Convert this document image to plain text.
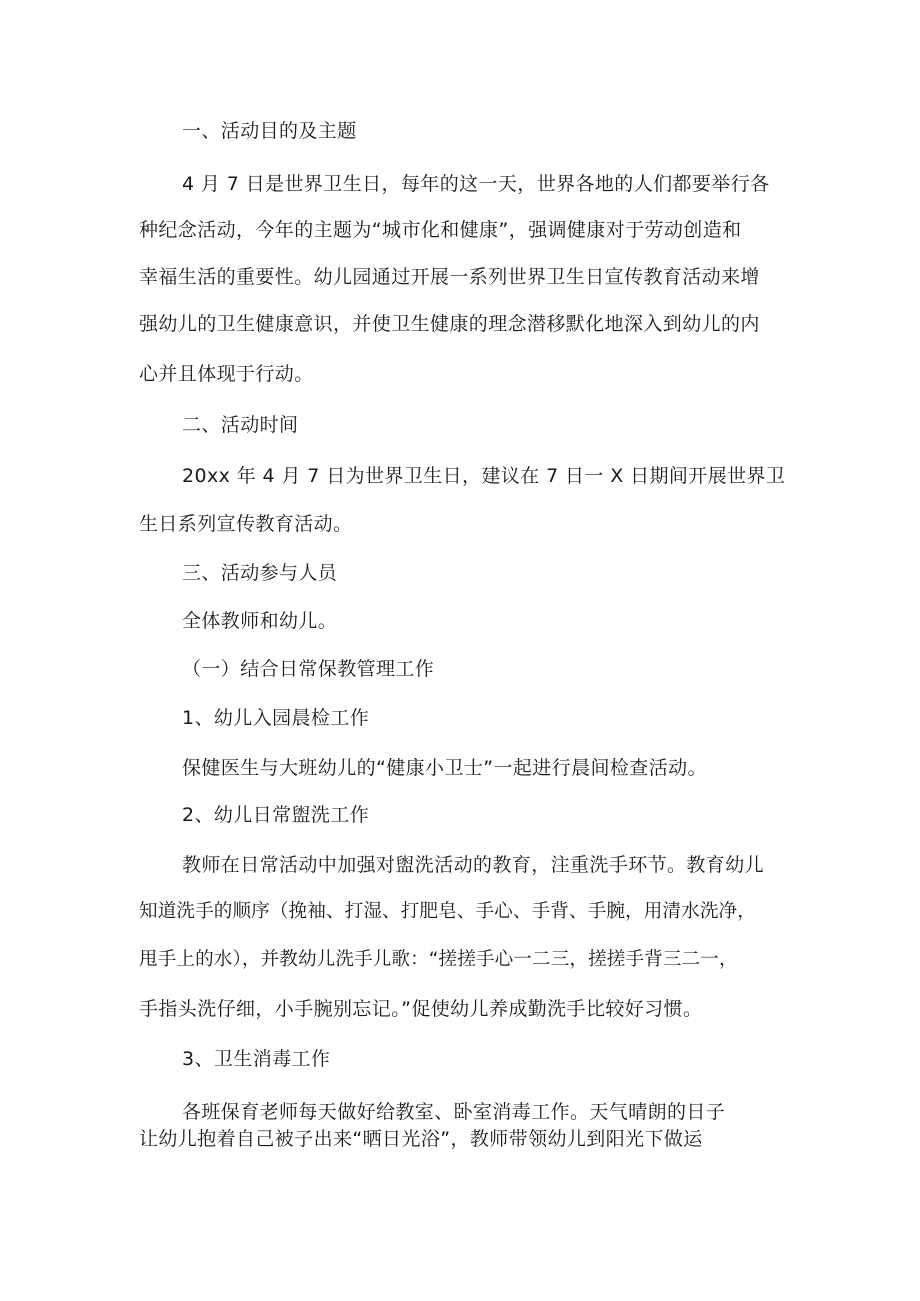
一、活动目的及主题
4 月 7 日是世界卫生日，每年的这一天，世界各地的人们都要举行各
种纪念活动，今年的主题为“城市化和健康”，强调健康对于劳动创造和
幸福生活的重要性。幼儿园通过开展一系列世界卫生日宣传教育活动来增
强幼儿的卫生健康意识，并使卫生健康的理念潜移默化地深入到幼儿的内
心并且体现于行动。
二、活动时间
20xx 年 4 月 7 日为世界卫生日，建议在 7 日一 X 日期间开展世界卫
生日系列宣传教育活动。
三、活动参与人员
全体教师和幼儿。
（一）结合日常保教管理工作
1、幼儿入园晨检工作
保健医生与大班幼儿的“健康小卫士”一起进行晨间检查活动。
2、幼儿日常盥洗工作
教师在日常活动中加强对盥洗活动的教育，注重洗手环节。教育幼儿
知道洗手的顺序（挽袖、打湿、打肥皂、手心、手背、手腕，用清水洗净，
甩手上的水），并教幼儿洗手儿歌：“搓搓手心一二三，搓搓手背三二一，
手指头洗仔细，小手腕别忘记。”促使幼儿养成勤洗手比较好习惯。
3、卫生消毒工作
各班保育老师每天做好给教室、卧室消毒工作。天气晴朗的日子
让幼儿抱着自己被子出来“晒日光浴”，教师带领幼儿到阳光下做运
